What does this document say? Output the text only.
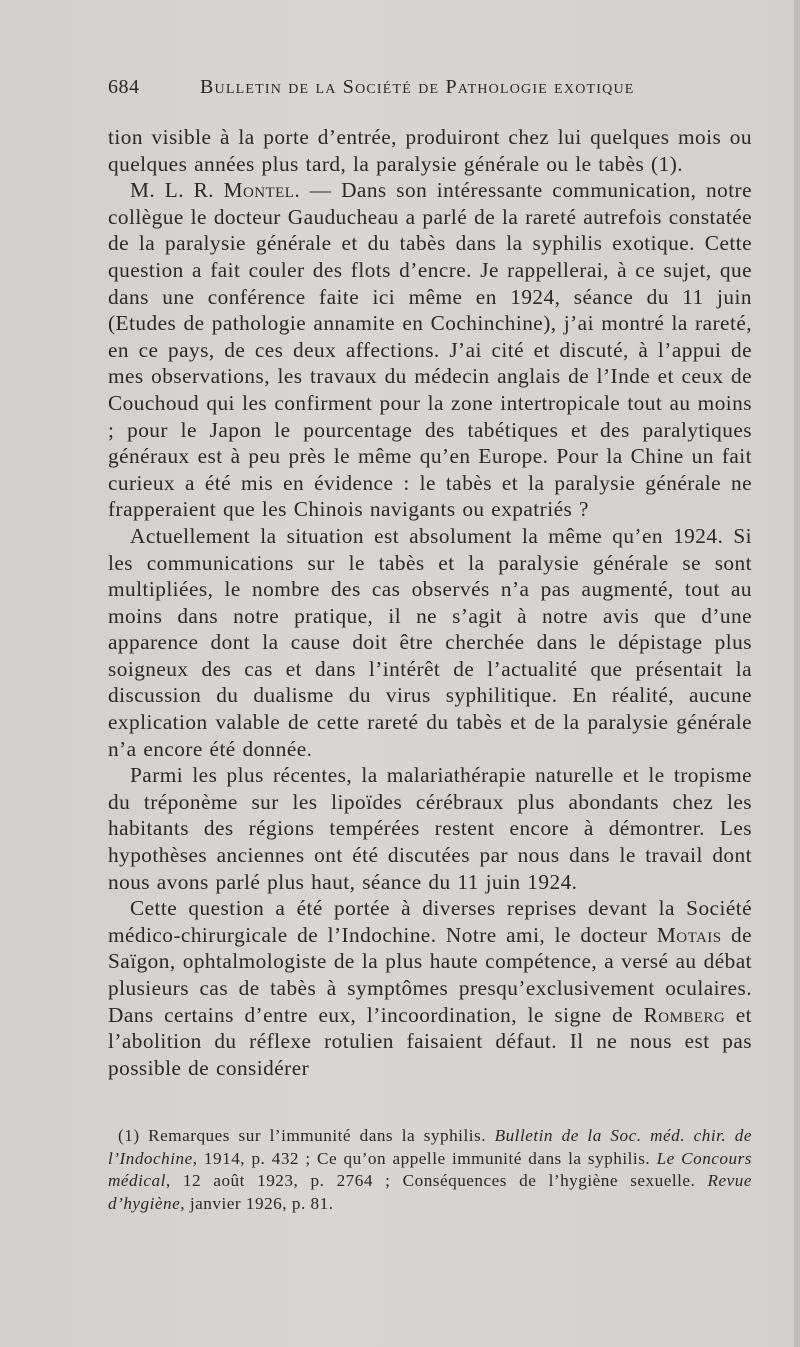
684	Bulletin de la Société de Pathologie exotique

tion visible à la porte d’entrée, produiront chez lui quelques mois ou quelques années plus tard, la paralysie générale ou le tabès (1).

M. L. R. Montel. — Dans son intéressante communication, notre collègue le docteur Gauducheau a parlé de la rareté autrefois constatée de la paralysie générale et du tabès dans la syphilis exotique. Cette question a fait couler des flots d’encre. Je rappellerai, à ce sujet, que dans une conférence faite ici même en 1924, séance du 11 juin (Etudes de pathologie annamite en Cochinchine), j’ai montré la rareté, en ce pays, de ces deux affections. J’ai cité et discuté, à l’appui de mes observations, les travaux du médecin anglais de l’Inde et ceux de Couchoud qui les confirment pour la zone intertropicale tout au moins ; pour le Japon le pourcentage des tabétiques et des paralytiques généraux est à peu près le même qu’en Europe. Pour la Chine un fait curieux a été mis en évidence : le tabès et la paralysie générale ne frapperaient que les Chinois navigants ou expatriés ?

Actuellement la situation est absolument la même qu’en 1924. Si les communications sur le tabès et la paralysie générale se sont multipliées, le nombre des cas observés n’a pas augmenté, tout au moins dans notre pratique, il ne s’agit à notre avis que d’une apparence dont la cause doit être cherchée dans le dépistage plus soigneux des cas et dans l’intérêt de l’actualité que présentait la discussion du dualisme du virus syphilitique. En réalité, aucune explication valable de cette rareté du tabès et de la paralysie générale n’a encore été donnée.

Parmi les plus récentes, la malariathérapie naturelle et le tropisme du tréponème sur les lipoïdes cérébraux plus abondants chez les habitants des régions tempérées restent encore à démontrer. Les hypothèses anciennes ont été discutées par nous dans le travail dont nous avons parlé plus haut, séance du 11 juin 1924.

Cette question a été portée à diverses reprises devant la Société médico-chirurgicale de l’Indochine. Notre ami, le docteur Motais de Saïgon, ophtalmologiste de la plus haute compétence, a versé au débat plusieurs cas de tabès à symptômes presqu’exclusivement oculaires. Dans certains d’entre eux, l’incoordination, le signe de Romberg et l’abolition du réflexe rotulien faisaient défaut. Il ne nous est pas possible de considérer

(1) Remarques sur l’immunité dans la syphilis. Bulletin de la Soc. méd. chir. de l’Indochine, 1914, p. 432 ; Ce qu’on appelle immunité dans la syphilis. Le Concours médical, 12 août 1923, p. 2764 ; Conséquences de l’hygiène sexuelle. Revue d’hygiène, janvier 1926, p. 81.
